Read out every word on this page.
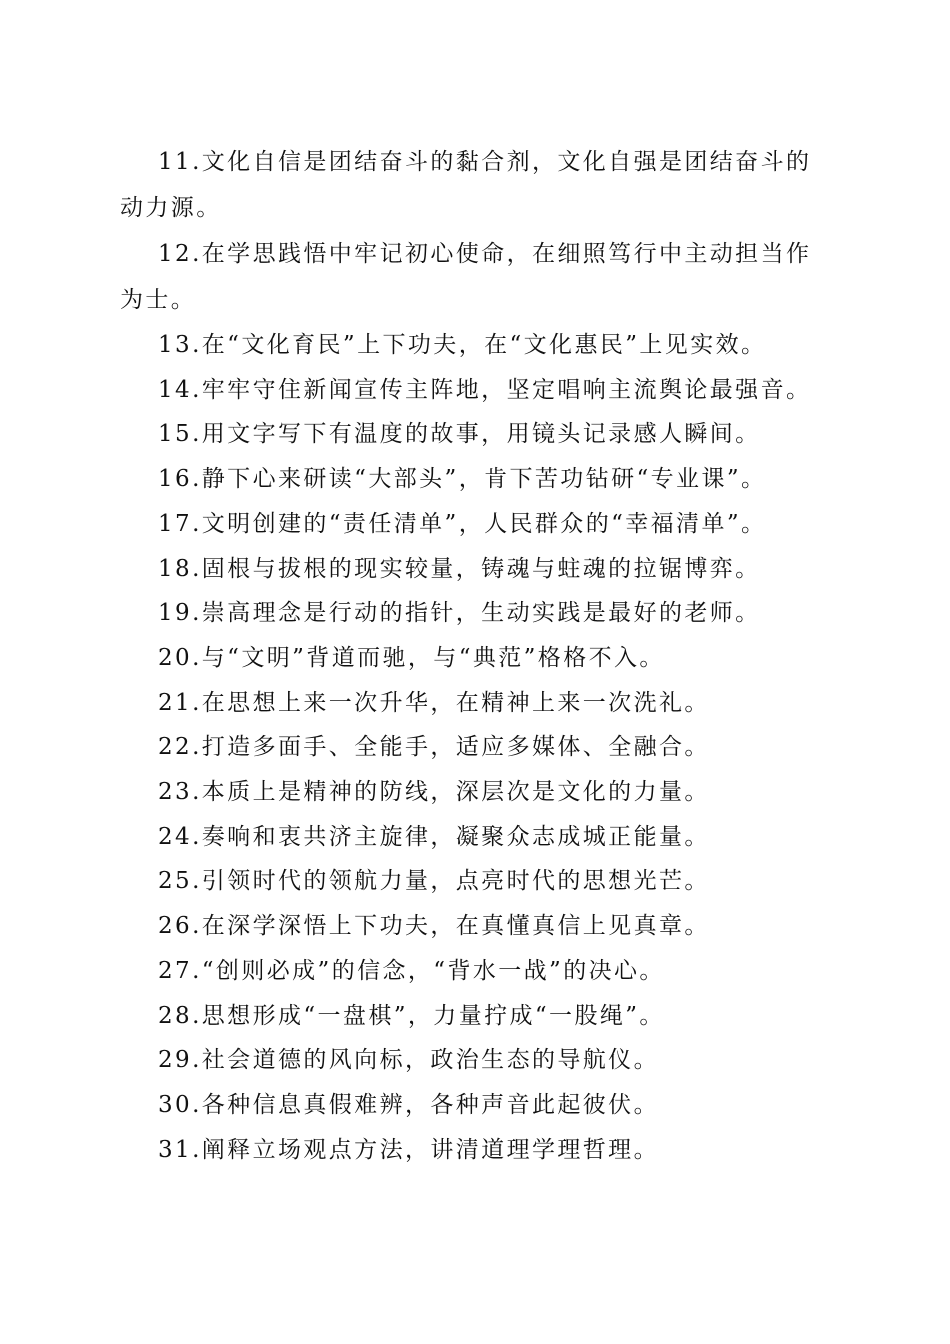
11.文化自信是团结奋斗的黏合剂，文化自强是团结奋斗的动力源。

12.在学思践悟中牢记初心使命，在细照笃行中主动担当作为士。

13.在“文化育民”上下功夫，在“文化惠民”上见实效。

14.牢牢守住新闻宣传主阵地，坚定唱响主流舆论最强音。

15.用文字写下有温度的故事，用镜头记录感人瞬间。

16.静下心来研读“大部头”，肯下苦功钻研“专业课”。

17.文明创建的“责任清单”，人民群众的“幸福清单”。

18.固根与拔根的现实较量，铸魂与蛀魂的拉锯博弈。

19.崇高理念是行动的指针，生动实践是最好的老师。

20.与“文明”背道而驰，与“典范”格格不入。

21.在思想上来一次升华，在精神上来一次洗礼。

22.打造多面手、全能手，适应多媒体、全融合。

23.本质上是精神的防线，深层次是文化的力量。

24.奏响和衷共济主旋律，凝聚众志成城正能量。

25.引领时代的领航力量，点亮时代的思想光芒。

26.在深学深悟上下功夫，在真懂真信上见真章。

27.“创则必成”的信念，“背水一战”的决心。

28.思想形成“一盘棋”，力量拧成“一股绳”。

29.社会道德的风向标，政治生态的导航仪。

30.各种信息真假难辨，各种声音此起彼伏。

31.阐释立场观点方法，讲清道理学理哲理。
